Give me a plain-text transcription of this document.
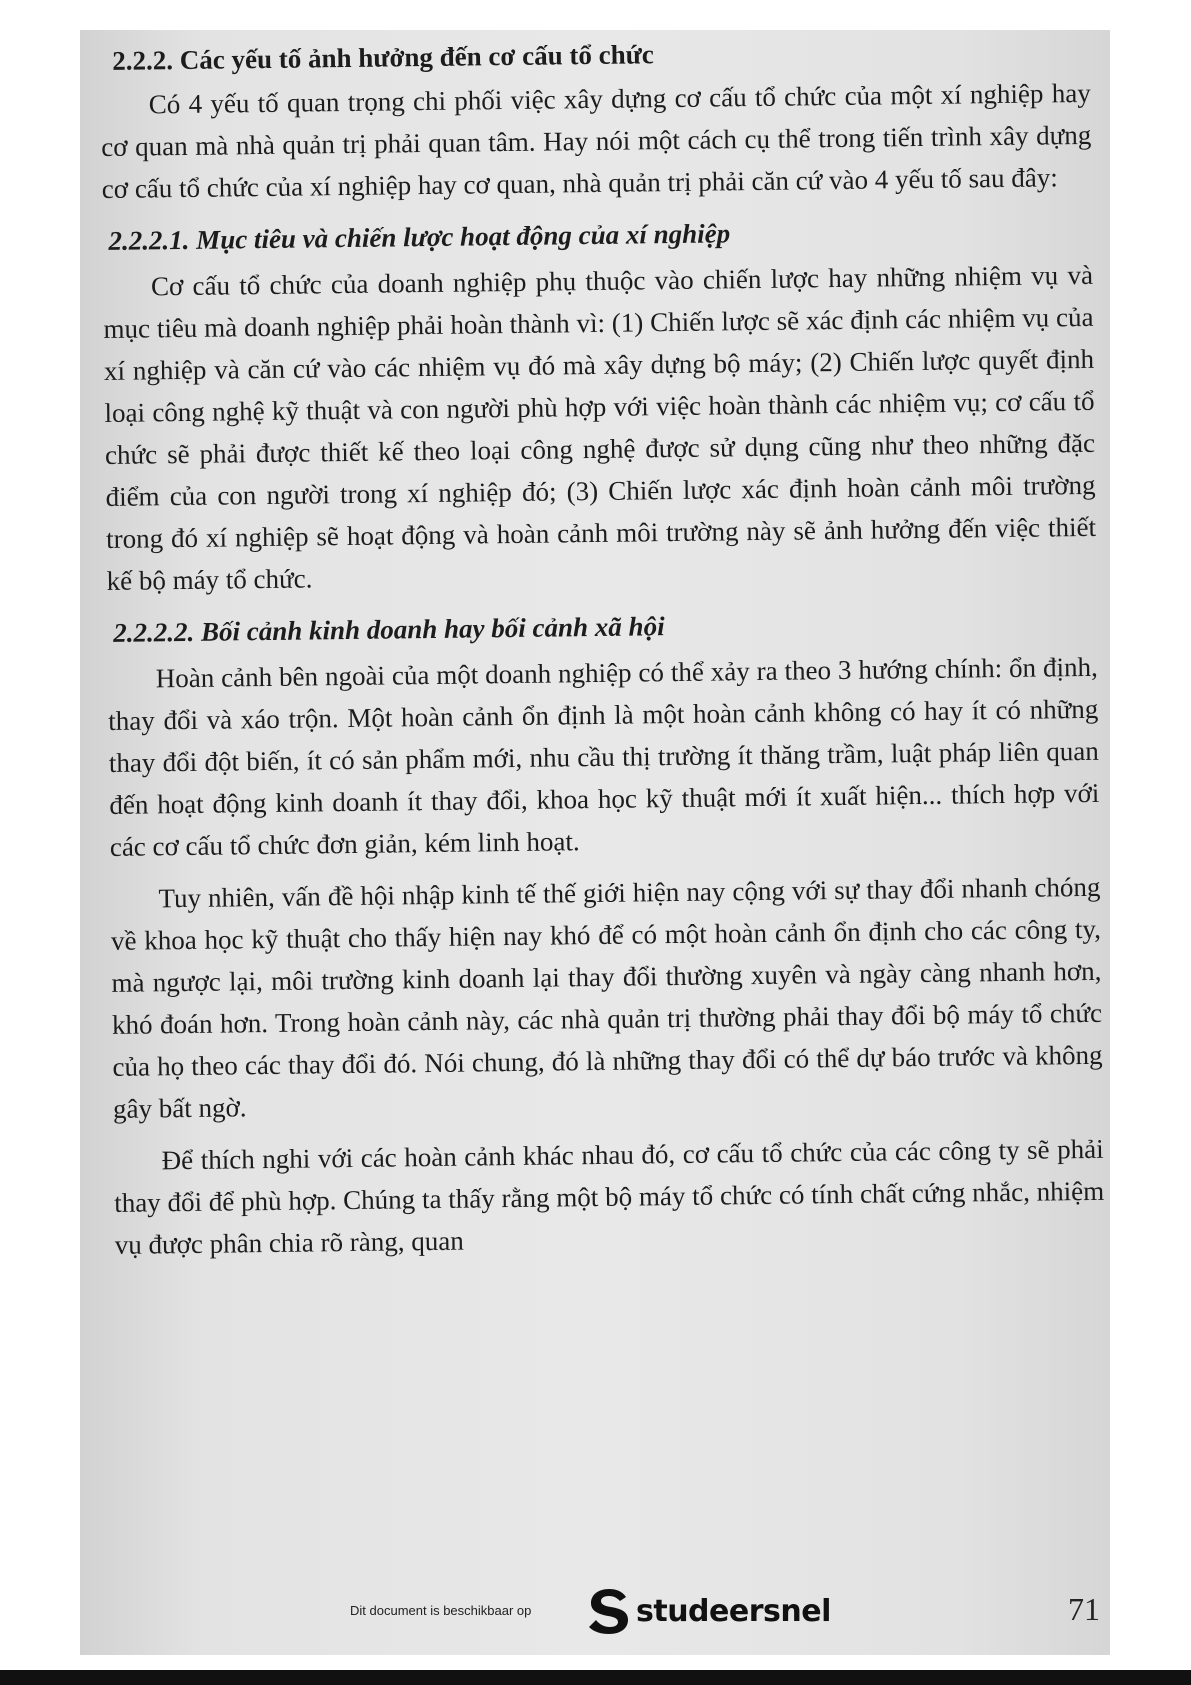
2.2.2. Các yếu tố ảnh hưởng đến cơ cấu tổ chức

Có 4 yếu tố quan trọng chi phối việc xây dựng cơ cấu tổ chức của một xí nghiệp hay cơ quan mà nhà quản trị phải quan tâm. Hay nói một cách cụ thể trong tiến trình xây dựng cơ cấu tổ chức của xí nghiệp hay cơ quan, nhà quản trị phải căn cứ vào 4 yếu tố sau đây:

2.2.2.1. Mục tiêu và chiến lược hoạt động của xí nghiệp

Cơ cấu tổ chức của doanh nghiệp phụ thuộc vào chiến lược hay những nhiệm vụ và mục tiêu mà doanh nghiệp phải hoàn thành vì: (1) Chiến lược sẽ xác định các nhiệm vụ của xí nghiệp và căn cứ vào các nhiệm vụ đó mà xây dựng bộ máy; (2) Chiến lược quyết định loại công nghệ kỹ thuật và con người phù hợp với việc hoàn thành các nhiệm vụ; cơ cấu tổ chức sẽ phải được thiết kế theo loại công nghệ được sử dụng cũng như theo những đặc điểm của con người trong xí nghiệp đó; (3) Chiến lược xác định hoàn cảnh môi trường trong đó xí nghiệp sẽ hoạt động và hoàn cảnh môi trường này sẽ ảnh hưởng đến việc thiết kế bộ máy tổ chức.

2.2.2.2. Bối cảnh kinh doanh hay bối cảnh xã hội

Hoàn cảnh bên ngoài của một doanh nghiệp có thể xảy ra theo 3 hướng chính: ổn định, thay đổi và xáo trộn. Một hoàn cảnh ổn định là một hoàn cảnh không có hay ít có những thay đổi đột biến, ít có sản phẩm mới, nhu cầu thị trường ít thăng trầm, luật pháp liên quan đến hoạt động kinh doanh ít thay đổi, khoa học kỹ thuật mới ít xuất hiện... thích hợp với các cơ cấu tổ chức đơn giản, kém linh hoạt.

Tuy nhiên, vấn đề hội nhập kinh tế thế giới hiện nay cộng với sự thay đổi nhanh chóng về khoa học kỹ thuật cho thấy hiện nay khó để có một hoàn cảnh ổn định cho các công ty, mà ngược lại, môi trường kinh doanh lại thay đổi thường xuyên và ngày càng nhanh hơn, khó đoán hơn. Trong hoàn cảnh này, các nhà quản trị thường phải thay đổi bộ máy tổ chức của họ theo các thay đổi đó. Nói chung, đó là những thay đổi có thể dự báo trước và không gây bất ngờ.

Để thích nghi với các hoàn cảnh khác nhau đó, cơ cấu tổ chức của các công ty sẽ phải thay đổi để phù hợp. Chúng ta thấy rằng một bộ máy tổ chức có tính chất cứng nhắc, nhiệm vụ được phân chia rõ ràng, quan

Dit document is beschikbaar op	studeersnel	71
